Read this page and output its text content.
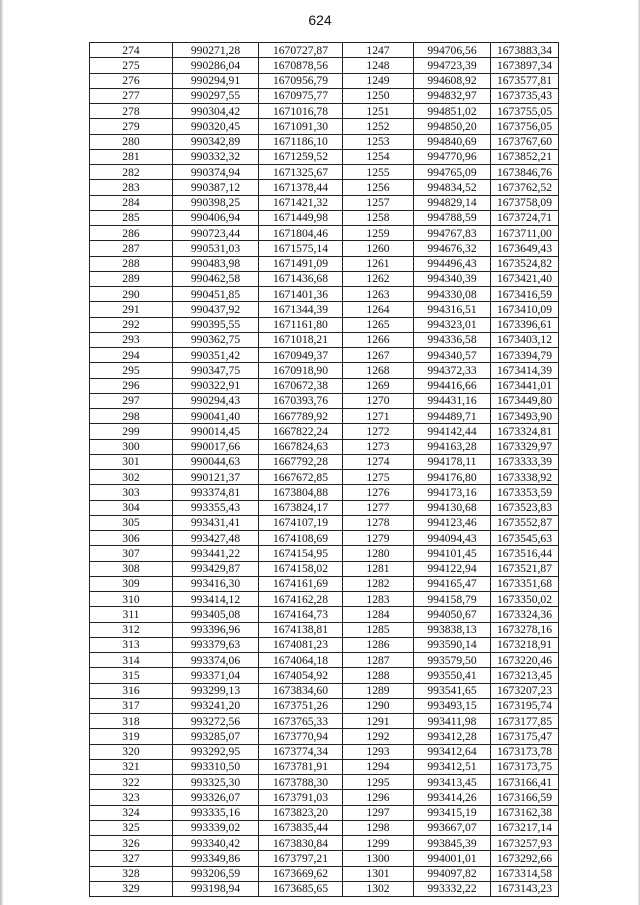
624
274	990271,28	1670727,87	1247	994706,56	1673883,34
275	990286,04	1670878,56	1248	994723,39	1673897,34
276	990294,91	1670956,79	1249	994608,92	1673577,81
277	990297,55	1670975,77	1250	994832,97	1673735,43
278	990304,42	1671016,78	1251	994851,02	1673755,05
279	990320,45	1671091,30	1252	994850,20	1673756,05
280	990342,89	1671186,10	1253	994840,69	1673767,60
281	990332,32	1671259,52	1254	994770,96	1673852,21
282	990374,94	1671325,67	1255	994765,09	1673846,76
283	990387,12	1671378,44	1256	994834,52	1673762,52
284	990398,25	1671421,32	1257	994829,14	1673758,09
285	990406,94	1671449,98	1258	994788,59	1673724,71
286	990723,44	1671804,46	1259	994767,83	1673711,00
287	990531,03	1671575,14	1260	994676,32	1673649,43
288	990483,98	1671491,09	1261	994496,43	1673524,82
289	990462,58	1671436,68	1262	994340,39	1673421,40
290	990451,85	1671401,36	1263	994330,08	1673416,59
291	990437,92	1671344,39	1264	994316,51	1673410,09
292	990395,55	1671161,80	1265	994323,01	1673396,61
293	990362,75	1671018,21	1266	994336,58	1673403,12
294	990351,42	1670949,37	1267	994340,57	1673394,79
295	990347,75	1670918,90	1268	994372,33	1673414,39
296	990322,91	1670672,38	1269	994416,66	1673441,01
297	990294,43	1670393,76	1270	994431,16	1673449,80
298	990041,40	1667789,92	1271	994489,71	1673493,90
299	990014,45	1667822,24	1272	994142,44	1673324,81
300	990017,66	1667824,63	1273	994163,28	1673329,97
301	990044,63	1667792,28	1274	994178,11	1673333,39
302	990121,37	1667672,85	1275	994176,80	1673338,92
303	993374,81	1673804,88	1276	994173,16	1673353,59
304	993355,43	1673824,17	1277	994130,68	1673523,83
305	993431,41	1674107,19	1278	994123,46	1673552,87
306	993427,48	1674108,69	1279	994094,43	1673545,63
307	993441,22	1674154,95	1280	994101,45	1673516,44
308	993429,87	1674158,02	1281	994122,94	1673521,87
309	993416,30	1674161,69	1282	994165,47	1673351,68
310	993414,12	1674162,28	1283	994158,79	1673350,02
311	993405,08	1674164,73	1284	994050,67	1673324,36
312	993396,96	1674138,81	1285	993838,13	1673278,16
313	993379,63	1674081,23	1286	993590,14	1673218,91
314	993374,06	1674064,18	1287	993579,50	1673220,46
315	993371,04	1674054,92	1288	993550,41	1673213,45
316	993299,13	1673834,60	1289	993541,65	1673207,23
317	993241,20	1673751,26	1290	993493,15	1673195,74
318	993272,56	1673765,33	1291	993411,98	1673177,85
319	993285,07	1673770,94	1292	993412,28	1673175,47
320	993292,95	1673774,34	1293	993412,64	1673173,78
321	993310,50	1673781,91	1294	993412,51	1673173,75
322	993325,30	1673788,30	1295	993413,45	1673166,41
323	993326,07	1673791,03	1296	993414,26	1673166,59
324	993335,16	1673823,20	1297	993415,19	1673162,38
325	993339,02	1673835,44	1298	993667,07	1673217,14
326	993340,42	1673830,84	1299	993845,39	1673257,93
327	993349,86	1673797,21	1300	994001,01	1673292,66
328	993206,59	1673669,62	1301	994097,82	1673314,58
329	993198,94	1673685,65	1302	993332,22	1673143,23
